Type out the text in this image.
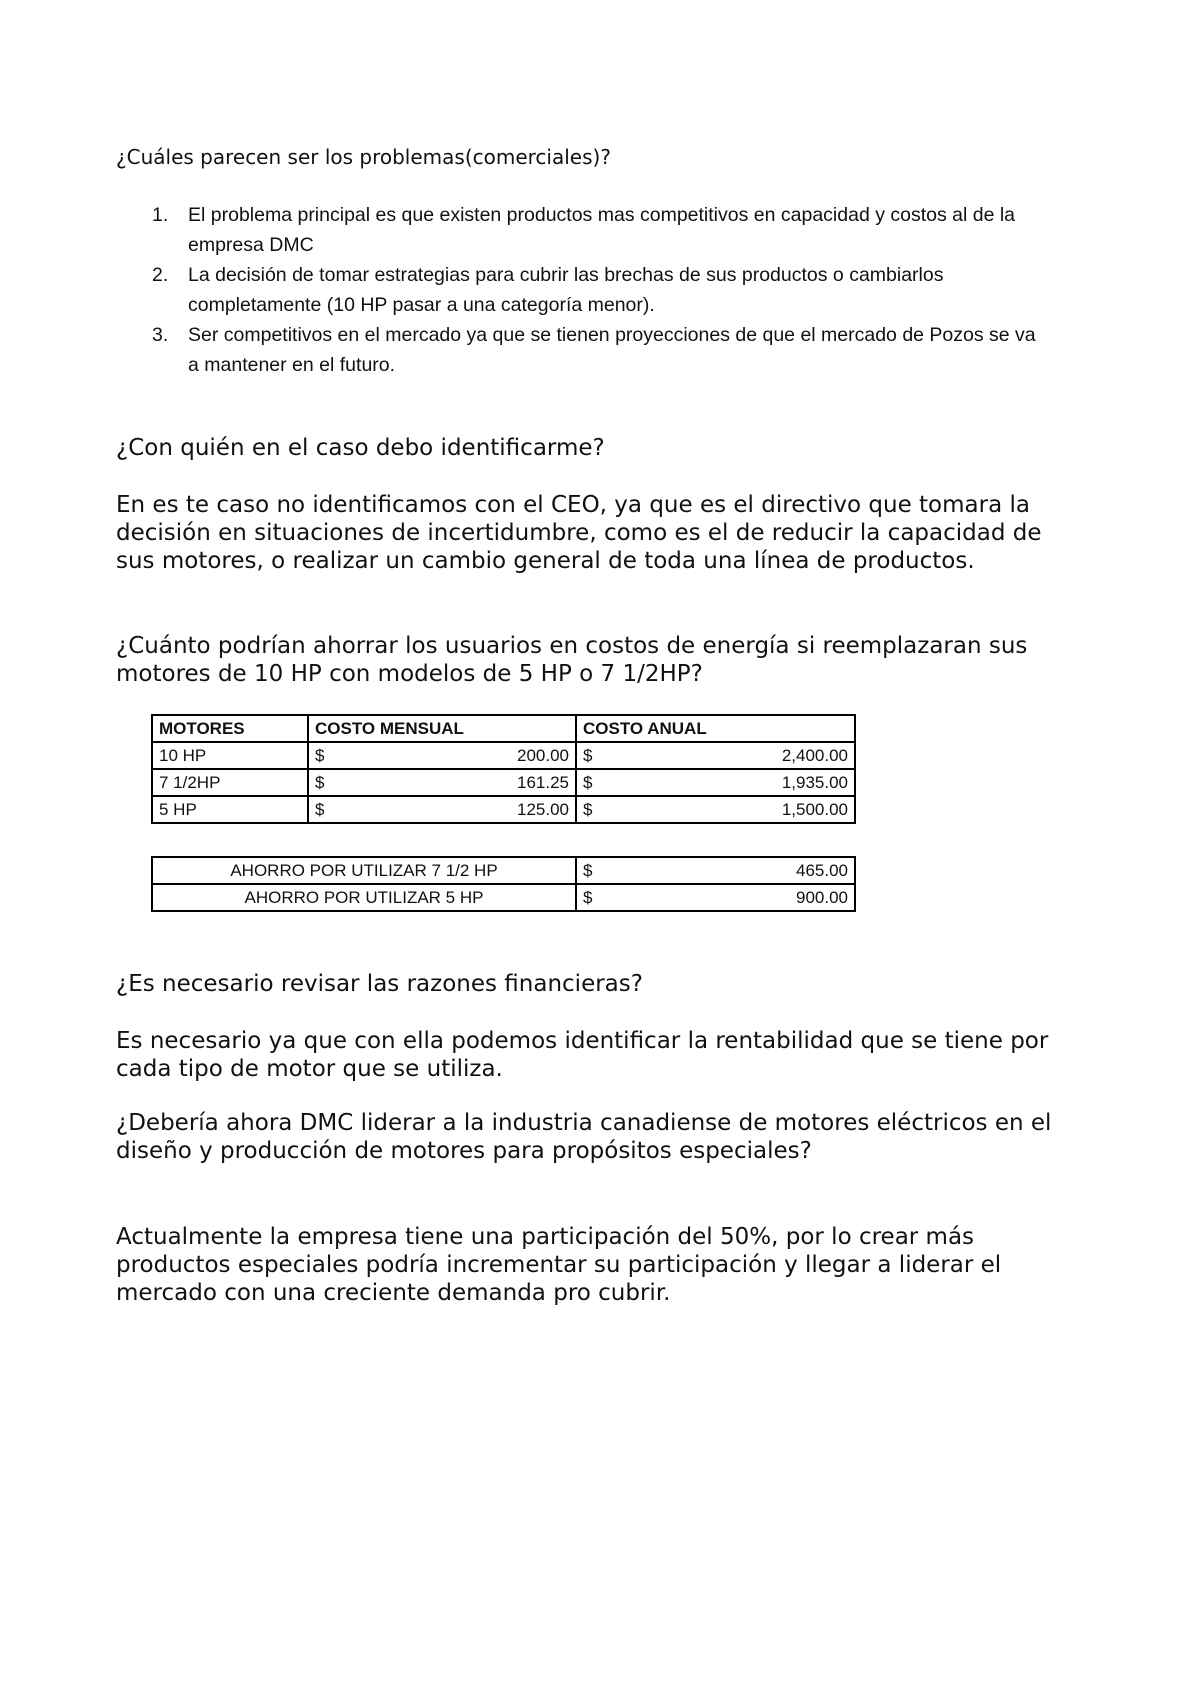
¿Cuáles parecen ser los problemas(comerciales)?
1. El problema principal es que existen productos mas competitivos en capacidad y costos al de la empresa DMC
2. La decisión de tomar estrategias para cubrir las brechas de sus productos o cambiarlos completamente (10 HP pasar a una categoría menor).
3. Ser competitivos en el mercado ya que se tienen proyecciones de que el mercado de Pozos se va a mantener en el futuro.
¿Con quién en el caso debo identificarme?
En es te caso no identificamos con el CEO, ya que es el directivo que tomara la decisión en situaciones de incertidumbre, como es el de reducir la capacidad de sus motores, o realizar un cambio general de toda una línea de productos.
¿Cuánto podrían ahorrar los usuarios en costos de energía si reemplazaran sus motores de 10 HP con modelos de 5 HP o 7 1/2HP?
MOTORES	COSTO MENSUAL	COSTO ANUAL
10 HP	$ 200.00	$ 2,400.00

7 1/2HP	$ 161.25	$ 1,935.00

5 HP	$ 125.00	$ 1,500.00
AHORRO POR UTILIZAR 7 1/2 HP	$ 465.00

AHORRO POR UTILIZAR 5 HP	$ 900.00
¿Es necesario revisar las razones financieras?
Es necesario ya que con ella podemos identificar la rentabilidad que se tiene por cada tipo de motor que se utiliza.
¿Debería ahora DMC liderar a la industria canadiense de motores eléctricos en el diseño y producción de motores para propósitos especiales?
Actualmente la empresa tiene una participación del 50%, por lo crear más productos especiales podría incrementar su participación y llegar a liderar el mercado con una creciente demanda pro cubrir.
